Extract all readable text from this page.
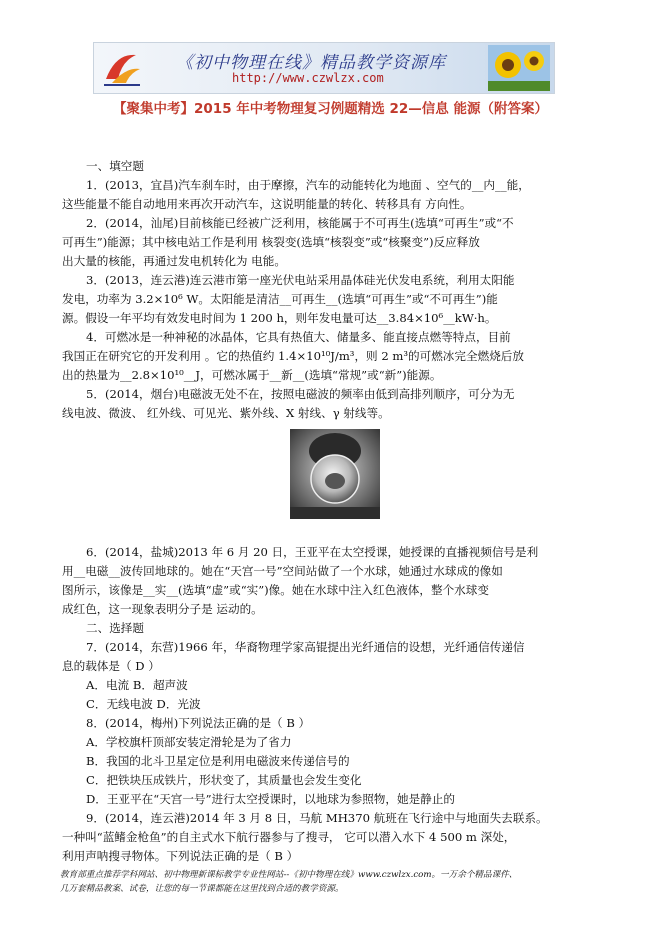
《初中物理在线》精品教学资源库
http://www.czwlzx.com
【聚集中考】2015 年中考物理复习例题精选 22—信息 能源（附答案）

一、填空题

1．(2013，宜昌)汽车刹车时，由于摩擦，汽车的动能转化为地面 、空气的__内__能，

这些能量不能自动地用来再次开动汽车，这说明能量的转化、转移具有 方向性。

2．(2014，汕尾)目前核能已经被广泛利用，核能属于不可再生(选填“可再生”或“不

可再生”)能源；其中核电站工作是利用 核裂变(选填“核裂变”或“核聚变”)反应释放

出大量的核能，再通过发电机转化为 电能。

3．(2013，连云港)连云港市第一座光伏电站采用晶体硅光伏发电系统，利用太阳能

发电，功率为 3.2×10⁶ W。太阳能是清洁__可再生__(选填“可再生”或“不可再生”)能

源。假设一年平均有效发电时间为 1 200 h，则年发电量可达__3.84×10⁶__kW·h。

4．可燃冰是一种神秘的冰晶体，它具有热值大、储量多、能直接点燃等特点，目前

我国正在研究它的开发利用 。它的热值约 1.4×10¹⁰J/m³，则 2 m³的可燃冰完全燃烧后放

出的热量为__2.8×10¹⁰__J，可燃冰属于__新__(选填“常规”或“新”)能源。

5．(2014，烟台)电磁波无处不在，按照电磁波的频率由低到高排列顺序，可分为无

线电波、微波、 红外线、可见光、紫外线、X 射线、γ 射线等。

6．(2014，盐城)2013 年 6 月 20 日，王亚平在太空授课，她授课的直播视频信号是利

用__电磁__波传回地球的。她在“天宫一号”空间站做了一个水球，她通过水球成的像如

图所示，该像是__实__(选填“虚”或“实”)像。她在水球中注入红色液体，整个水球变

成红色，这一现象表明分子是 运动的。

二、选择题

7．(2014，东营)1966 年，华裔物理学家高锟提出光纤通信的设想，光纤通信传递信

息的载体是（ D ）

A．电流 B．超声波

C．无线电波 D．光波

8．(2014，梅州)下列说法正确的是（ B ）

A．学校旗杆顶部安装定滑轮是为了省力

B．我国的北斗卫星定位是利用电磁波来传递信号的

C．把铁块压成铁片，形状变了，其质量也会发生变化

D．王亚平在“天宫一号”进行太空授课时，以地球为参照物，她是静止的

9．(2014，连云港)2014 年 3 月 8 日，马航 MH370 航班在飞行途中与地面失去联系。

一种叫“蓝鳍金枪鱼”的自主式水下航行器参与了搜寻， 它可以潜入水下 4 500 m 深处，

利用声呐搜寻物体。下列说法正确的是（ B ）

教育部重点推荐学科网站、初中物理新课标教学专业性网站--《初中物理在线》www.czwlzx.com。一万余个精品课件、
几万套精品教案、试卷，让您的每一节课都能在这里找到合适的教学资源。
